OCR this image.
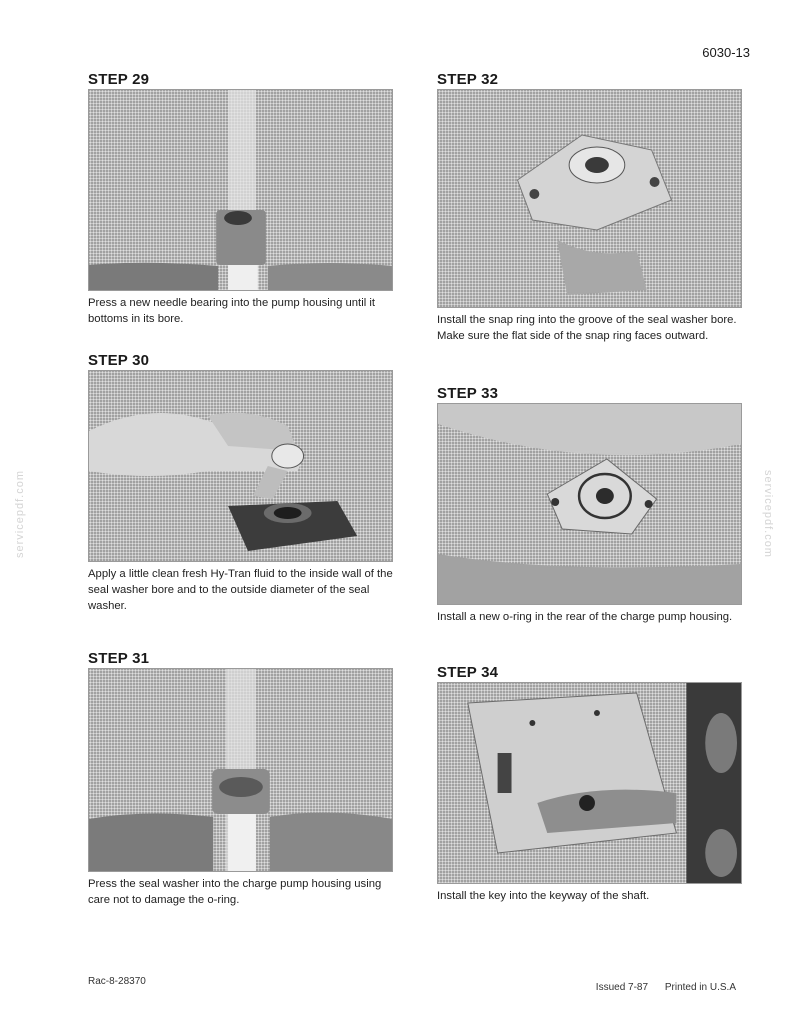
6030-13
servicepdf.com	servicepdf.com
STEP 29

Press a new needle bearing into the pump housing until it bottoms in its bore.

STEP 30

Apply a little clean fresh Hy-Tran fluid to the inside wall of the seal washer bore and to the outside diameter of the seal washer.

STEP 31

Press the seal washer into the charge pump housing using care not to damage the o-ring.

STEP 32

Install the snap ring into the groove of the seal washer bore. Make sure the flat side of the snap ring faces outward.

STEP 33

Install a new o-ring in the rear of the charge pump housing.

STEP 34

Install the key into the keyway of the shaft.

Rac-8-28370
Issued 7-87 Printed in U.S.A
